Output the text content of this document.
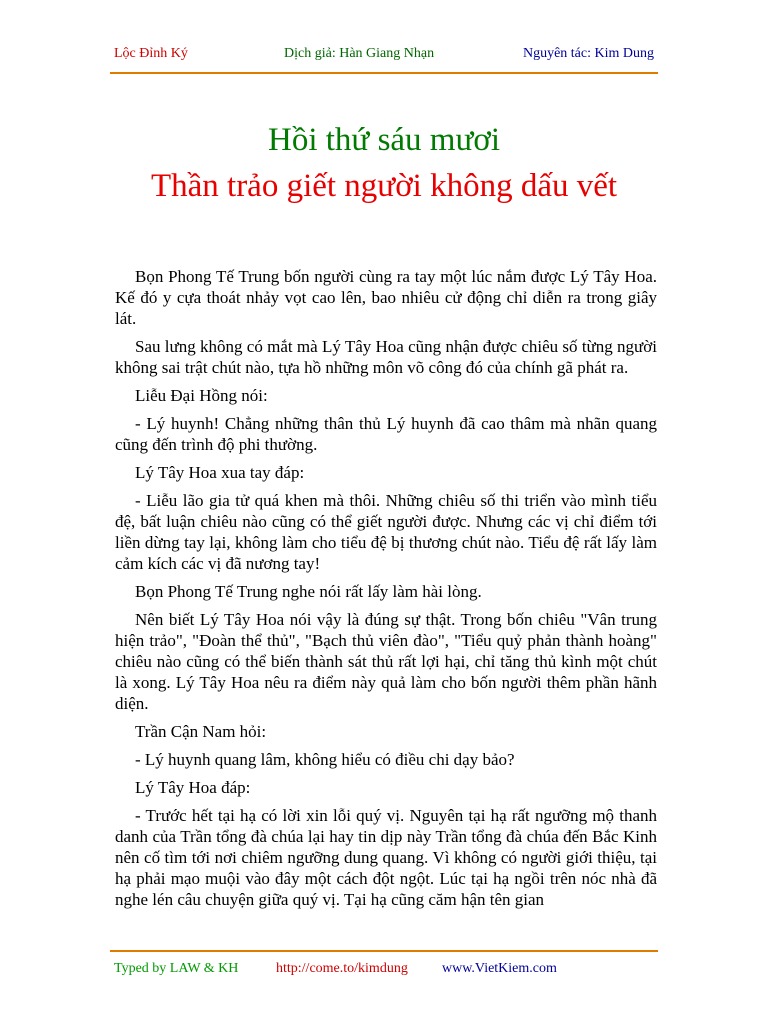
Lộc Đỉnh Ký	Dịch giả: Hàn Giang Nhạn	Nguyên tác: Kim Dung
Hồi thứ sáu mươi
Thần trảo giết người không dấu vết

Bọn Phong Tế Trung bốn người cùng ra tay một lúc nắm được Lý Tây Hoa. Kế đó y cựa thoát nhảy vọt cao lên, bao nhiêu cử động chỉ diễn ra trong giây lát.

Sau lưng không có mắt mà Lý Tây Hoa cũng nhận được chiêu số từng người không sai trật chút nào, tựa hồ những môn võ công đó của chính gã phát ra.

Liễu Đại Hồng nói:

- Lý huynh! Chẳng những thân thủ Lý huynh đã cao thâm mà nhãn quang cũng đến trình độ phi thường.

Lý Tây Hoa xua tay đáp:

- Liễu lão gia tử quá khen mà thôi. Những chiêu số thi triển vào mình tiểu đệ, bất luận chiêu nào cũng có thể giết người được. Nhưng các vị chỉ điểm tới liền dừng tay lại, không làm cho tiểu đệ bị thương chút nào. Tiểu đệ rất lấy làm cảm kích các vị đã nương tay!

Bọn Phong Tế Trung nghe nói rất lấy làm hài lòng.

Nên biết Lý Tây Hoa nói vậy là đúng sự thật. Trong bốn chiêu "Vân trung hiện trảo", "Đoàn thể thủ", "Bạch thủ viên đào", "Tiểu quỷ phản thành hoàng" chiêu nào cũng có thể biến thành sát thủ rất lợi hại, chỉ tăng thủ kình một chút là xong. Lý Tây Hoa nêu ra điểm này quả làm cho bốn người thêm phần hãnh diện.

Trần Cận Nam hỏi:

- Lý huynh quang lâm, không hiểu có điều chi dạy bảo?

Lý Tây Hoa đáp:

- Trước hết tại hạ có lời xin lỗi quý vị. Nguyên tại hạ rất ngưỡng mộ thanh danh của Trần tổng đà chúa lại hay tin dịp này Trần tổng đà chúa đến Bắc Kinh nên cố tìm tới nơi chiêm ngưỡng dung quang. Vì không có người giới thiệu, tại hạ phải mạo muội vào đây một cách đột ngột. Lúc tại hạ ngồi trên nóc nhà đã nghe lén câu chuyện giữa quý vị. Tại hạ cũng căm hận tên gian

Typed by LAW & KH	http://come.to/kimdung www.VietKiem.com
